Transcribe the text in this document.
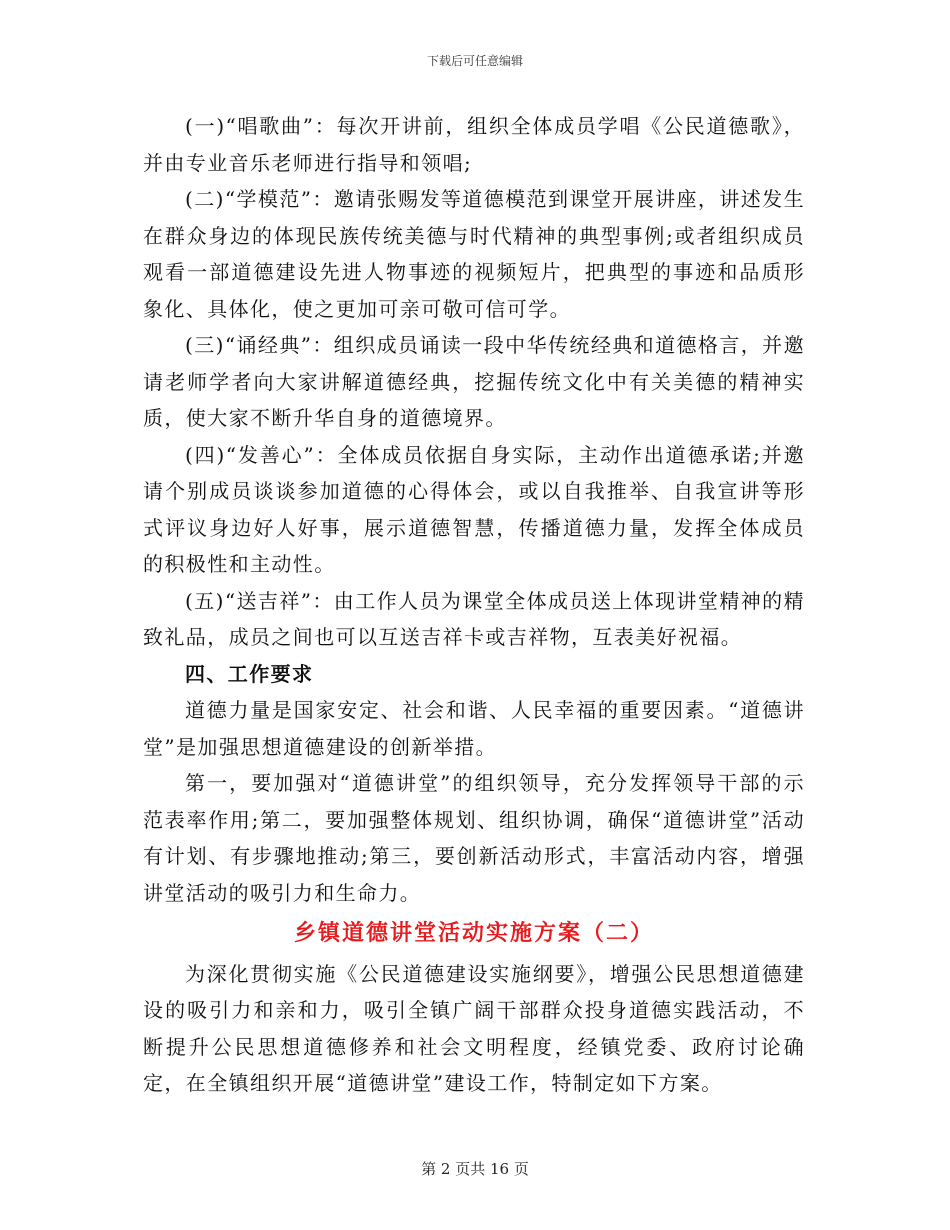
下载后可任意编辑

(一)“唱歌曲”：每次开讲前，组织全体成员学唱《公民道德歌》，并由专业音乐老师进行指导和领唱;

(二)“学模范”：邀请张赐发等道德模范到课堂开展讲座，讲述发生在群众身边的体现民族传统美德与时代精神的典型事例;或者组织成员观看一部道德建设先进人物事迹的视频短片，把典型的事迹和品质形象化、具体化，使之更加可亲可敬可信可学。

(三)“诵经典”：组织成员诵读一段中华传统经典和道德格言，并邀请老师学者向大家讲解道德经典，挖掘传统文化中有关美德的精神实质，使大家不断升华自身的道德境界。

(四)“发善心”：全体成员依据自身实际，主动作出道德承诺;并邀请个别成员谈谈参加道德的心得体会，或以自我推举、自我宣讲等形式评议身边好人好事，展示道德智慧，传播道德力量，发挥全体成员的积极性和主动性。

(五)“送吉祥”：由工作人员为课堂全体成员送上体现讲堂精神的精致礼品，成员之间也可以互送吉祥卡或吉祥物，互表美好祝福。

四、工作要求

道德力量是国家安定、社会和谐、人民幸福的重要因素。“道德讲堂”是加强思想道德建设的创新举措。

第一，要加强对“道德讲堂”的组织领导，充分发挥领导干部的示范表率作用;第二，要加强整体规划、组织协调，确保“道德讲堂”活动有计划、有步骤地推动;第三，要创新活动形式，丰富活动内容，增强讲堂活动的吸引力和生命力。

乡镇道德讲堂活动实施方案（二）

为深化贯彻实施《公民道德建设实施纲要》，增强公民思想道德建设的吸引力和亲和力，吸引全镇广阔干部群众投身道德实践活动，不断提升公民思想道德修养和社会文明程度，经镇党委、政府讨论确定，在全镇组织开展“道德讲堂”建设工作，特制定如下方案。

第 2 页共 16 页
